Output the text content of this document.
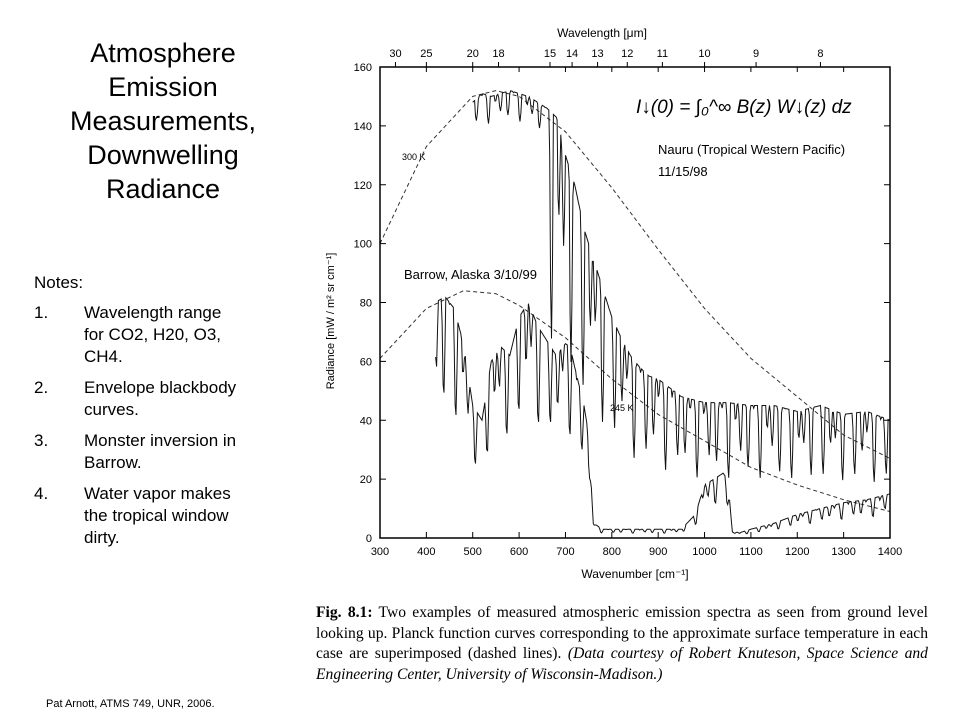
Atmosphere
Emission
Measurements,
Downwelling
Radiance
Notes:
1. Wavelength range for CO2, H20, O3, CH4.
2. Envelope blackbody curves.
3. Monster inversion in Barrow.
4. Water vapor makes the tropical window dirty.
Pat Arnott, ATMS 749, UNR, 2006.
300	400	500	600	700	800	900 1000 1100 1200 1300 1400
0
20
40
60
80
100
120
140
160
30 25	20 18	15 14 13 12 11	10	9	8
Wavelength [μm]
Wavenumber [cm⁻¹]
Radiance [mW / m² sr cm⁻¹]
I↓(0) = ∫₀^∞ B(z) W↓(z) dz
Nauru (Tropical Western Pacific)
11/15/98
Barrow, Alaska 3/10/99
300 K
245 K
Fig. 8.1: Two examples of measured atmospheric emission spectra as seen from ground level looking up. Planck function curves corresponding to the approximate surface temperature in each case are superimposed (dashed lines). (Data courtesy of Robert Knuteson, Space Science and Engineering Center, University of Wisconsin-Madison.)
